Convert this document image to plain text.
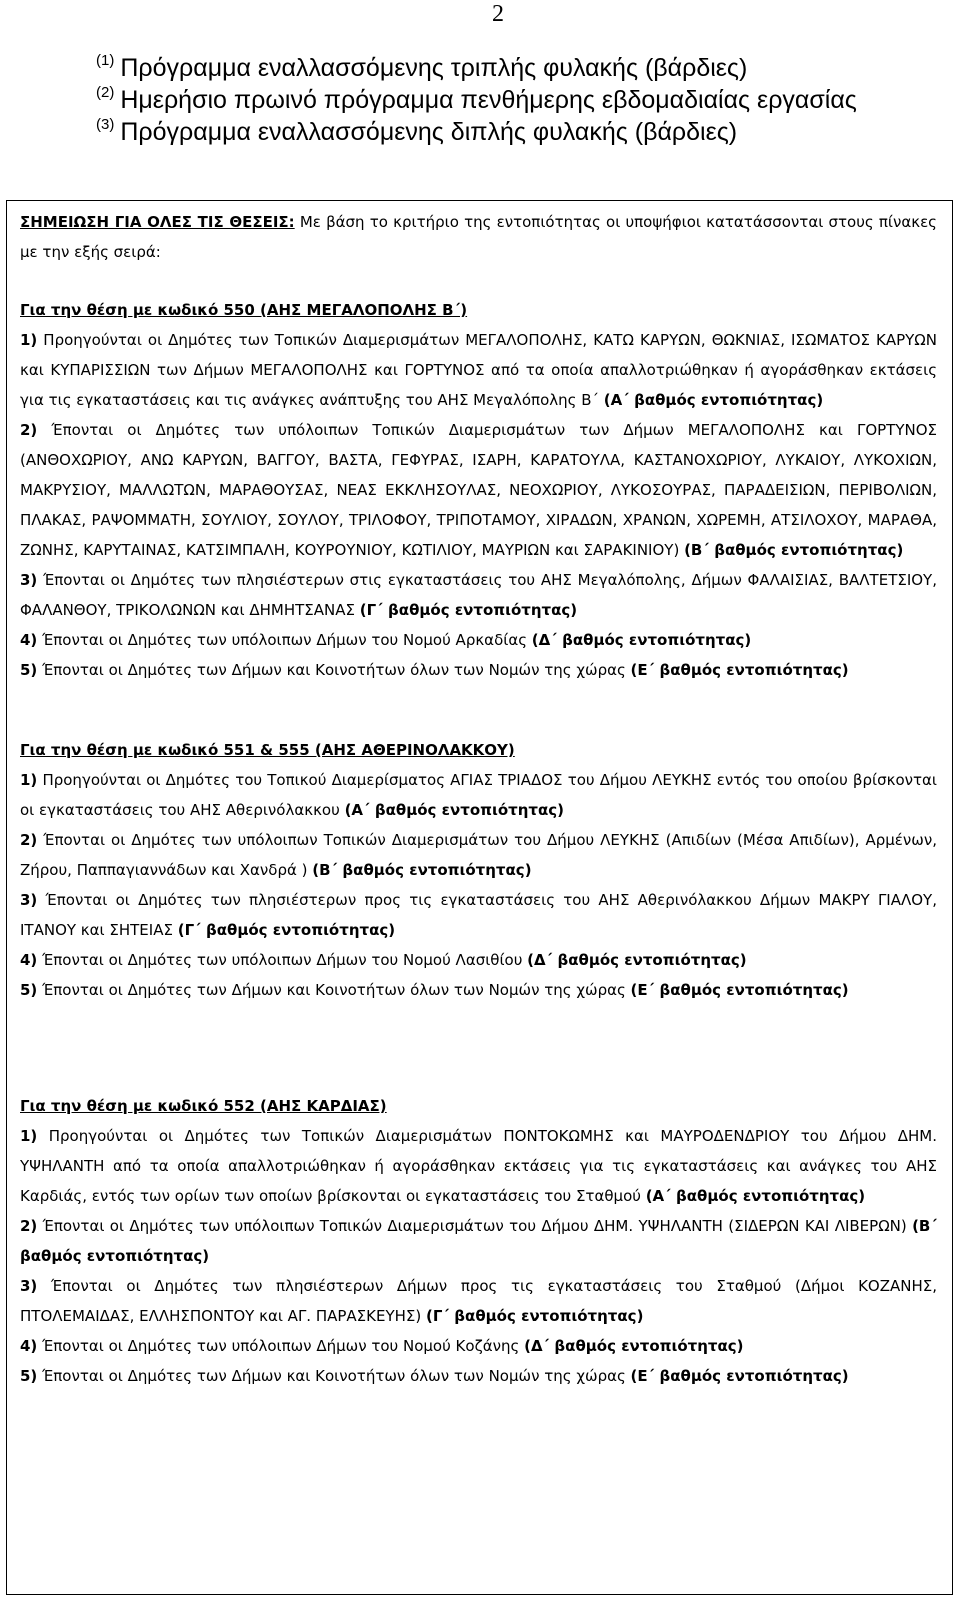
2

$^{(1)}$ Πρόγραμμα εναλλασσόμενης τριπλής φυλακής (βάρδιες)

$^{(2)}$ Ημερήσιο πρωινό πρόγραμμα πενθήμερης εβδομαδιαίας εργασίας

$^{(3)}$ Πρόγραμμα εναλλασσόμενης διπλής φυλακής (βάρδιες)

ΣΗΜΕΙΩΣΗ ΓΙΑ ΟΛΕΣ ΤΙΣ ΘΕΣΕΙΣ: Με βάση το κριτήριο της εντοπιότητας οι υποψήφιοι κατατάσσονται στους πίνακες με την εξής σειρά:

Για την θέση με κωδικό 550 (ΑΗΣ ΜΕΓΑΛΟΠΟΛΗΣ Β΄)

1) Προηγούνται οι Δημότες των Τοπικών Διαμερισμάτων ΜΕΓΑΛΟΠΟΛΗΣ, ΚΑΤΩ ΚΑΡΥΩΝ, ΘΩΚΝΙΑΣ, ΙΣΩΜΑΤΟΣ ΚΑΡΥΩΝ και ΚΥΠΑΡΙΣΣΙΩΝ των Δήμων ΜΕΓΑΛΟΠΟΛΗΣ και ΓΟΡΤΥΝΟΣ από τα οποία απαλλοτριώθηκαν ή αγοράσθηκαν εκτάσεις για τις εγκαταστάσεις και τις ανάγκες ανάπτυξης του ΑΗΣ Μεγαλόπολης Β΄ (Α΄ βαθμός εντοπιότητας)

2) Έπονται οι Δημότες των υπόλοιπων Τοπικών Διαμερισμάτων των Δήμων ΜΕΓΑΛΟΠΟΛΗΣ και ΓΟΡΤΥΝΟΣ (ΑΝΘΟΧΩΡΙΟΥ, ΑΝΩ ΚΑΡΥΩΝ, ΒΑΓΓΟΥ, ΒΑΣΤΑ, ΓΕΦΥΡΑΣ, ΙΣΑΡΗ, ΚΑΡΑΤΟΥΛΑ, ΚΑΣΤΑΝΟΧΩΡΙΟΥ, ΛΥΚΑΙΟΥ, ΛΥΚΟΧΙΩΝ, ΜΑΚΡΥΣΙΟΥ, ΜΑΛΛΩΤΩΝ, ΜΑΡΑΘΟΥΣΑΣ, ΝΕΑΣ ΕΚΚΛΗΣΟΥΛΑΣ, ΝΕΟΧΩΡΙΟΥ, ΛΥΚΟΣΟΥΡΑΣ, ΠΑΡΑΔΕΙΣΙΩΝ, ΠΕΡΙΒΟΛΙΩΝ, ΠΛΑΚΑΣ, ΡΑΨΟΜΜΑΤΗ, ΣΟΥΛΙΟΥ, ΣΟΥΛΟΥ, ΤΡΙΛΟΦΟΥ, ΤΡΙΠΟΤΑΜΟΥ, ΧΙΡΑΔΩΝ, ΧΡΑΝΩΝ, ΧΩΡΕΜΗ, ΑΤΣΙΛΟΧΟΥ, ΜΑΡΑΘΑ, ΖΩΝΗΣ, ΚΑΡΥΤΑΙΝΑΣ, ΚΑΤΣΙΜΠΑΛΗ, ΚΟΥΡΟΥΝΙΟΥ, ΚΩΤΙΛΙΟΥ, ΜΑΥΡΙΩΝ και ΣΑΡΑΚΙΝΙΟΥ) (Β΄ βαθμός εντοπιότητας)

3) Έπονται οι Δημότες των πλησιέστερων στις εγκαταστάσεις του ΑΗΣ Μεγαλόπολης, Δήμων ΦΑΛΑΙΣΙΑΣ, ΒΑΛΤΕΤΣΙΟΥ, ΦΑΛΑΝΘΟΥ, ΤΡΙΚΟΛΩΝΩΝ και ΔΗΜΗΤΣΑΝΑΣ (Γ΄ βαθμός εντοπιότητας)

4) Έπονται οι Δημότες των υπόλοιπων Δήμων του Νομού Αρκαδίας (Δ΄ βαθμός εντοπιότητας)

5) Έπονται οι Δημότες των Δήμων και Κοινοτήτων όλων των Νομών της χώρας (Ε΄ βαθμός εντοπιότητας)

Για την θέση με κωδικό 551 & 555 (ΑΗΣ ΑΘΕΡΙΝΟΛΑΚΚΟΥ)

1) Προηγούνται οι Δημότες του Τοπικού Διαμερίσματος ΑΓΙΑΣ ΤΡΙΑΔΟΣ του Δήμου ΛΕΥΚΗΣ εντός του οποίου βρίσκονται οι εγκαταστάσεις του ΑΗΣ Αθερινόλακκου (Α΄ βαθμός εντοπιότητας)

2) Έπονται οι Δημότες των υπόλοιπων Τοπικών Διαμερισμάτων του Δήμου ΛΕΥΚΗΣ (Απιδίων (Μέσα Απιδίων), Αρμένων, Ζήρου, Παππαγιαννάδων και Χανδρά ) (Β΄ βαθμός εντοπιότητας)

3) Έπονται οι Δημότες των πλησιέστερων προς τις εγκαταστάσεις του ΑΗΣ Αθερινόλακκου Δήμων ΜΑΚΡΥ ΓΙΑΛΟΥ, ΙΤΑΝΟΥ και ΣΗΤΕΙΑΣ (Γ΄ βαθμός εντοπιότητας)

4) Έπονται οι Δημότες των υπόλοιπων Δήμων του Νομού Λασιθίου (Δ΄ βαθμός εντοπιότητας)

5) Έπονται οι Δημότες των Δήμων και Κοινοτήτων όλων των Νομών της χώρας (Ε΄ βαθμός εντοπιότητας)

Για την θέση με κωδικό 552 (ΑΗΣ ΚΑΡΔΙΑΣ)

1) Προηγούνται οι Δημότες των Τοπικών Διαμερισμάτων ΠΟΝΤΟΚΩΜΗΣ και ΜΑΥΡΟΔΕΝΔΡΙΟΥ του Δήμου ΔΗΜ. ΥΨΗΛΑΝΤΗ από τα οποία απαλλοτριώθηκαν ή αγοράσθηκαν εκτάσεις για τις εγκαταστάσεις και ανάγκες του ΑΗΣ Καρδιάς, εντός των ορίων των οποίων βρίσκονται οι εγκαταστάσεις του Σταθμού (Α΄ βαθμός εντοπιότητας)

2) Έπονται οι Δημότες των υπόλοιπων Τοπικών Διαμερισμάτων του Δήμου ΔΗΜ. ΥΨΗΛΑΝΤΗ (ΣΙΔΕΡΩΝ ΚΑΙ ΛΙΒΕΡΩΝ) (Β΄ βαθμός εντοπιότητας)

3) Έπονται οι Δημότες των πλησιέστερων Δήμων προς τις εγκαταστάσεις του Σταθμού (Δήμοι ΚΟΖΑΝΗΣ, ΠΤΟΛΕΜΑΙΔΑΣ, ΕΛΛΗΣΠΟΝΤΟΥ και ΑΓ. ΠΑΡΑΣΚΕΥΗΣ) (Γ΄ βαθμός εντοπιότητας)

4) Έπονται οι Δημότες των υπόλοιπων Δήμων του Νομού Κοζάνης (Δ΄ βαθμός εντοπιότητας)

5) Έπονται οι Δημότες των Δήμων και Κοινοτήτων όλων των Νομών της χώρας (Ε΄ βαθμός εντοπιότητας)
